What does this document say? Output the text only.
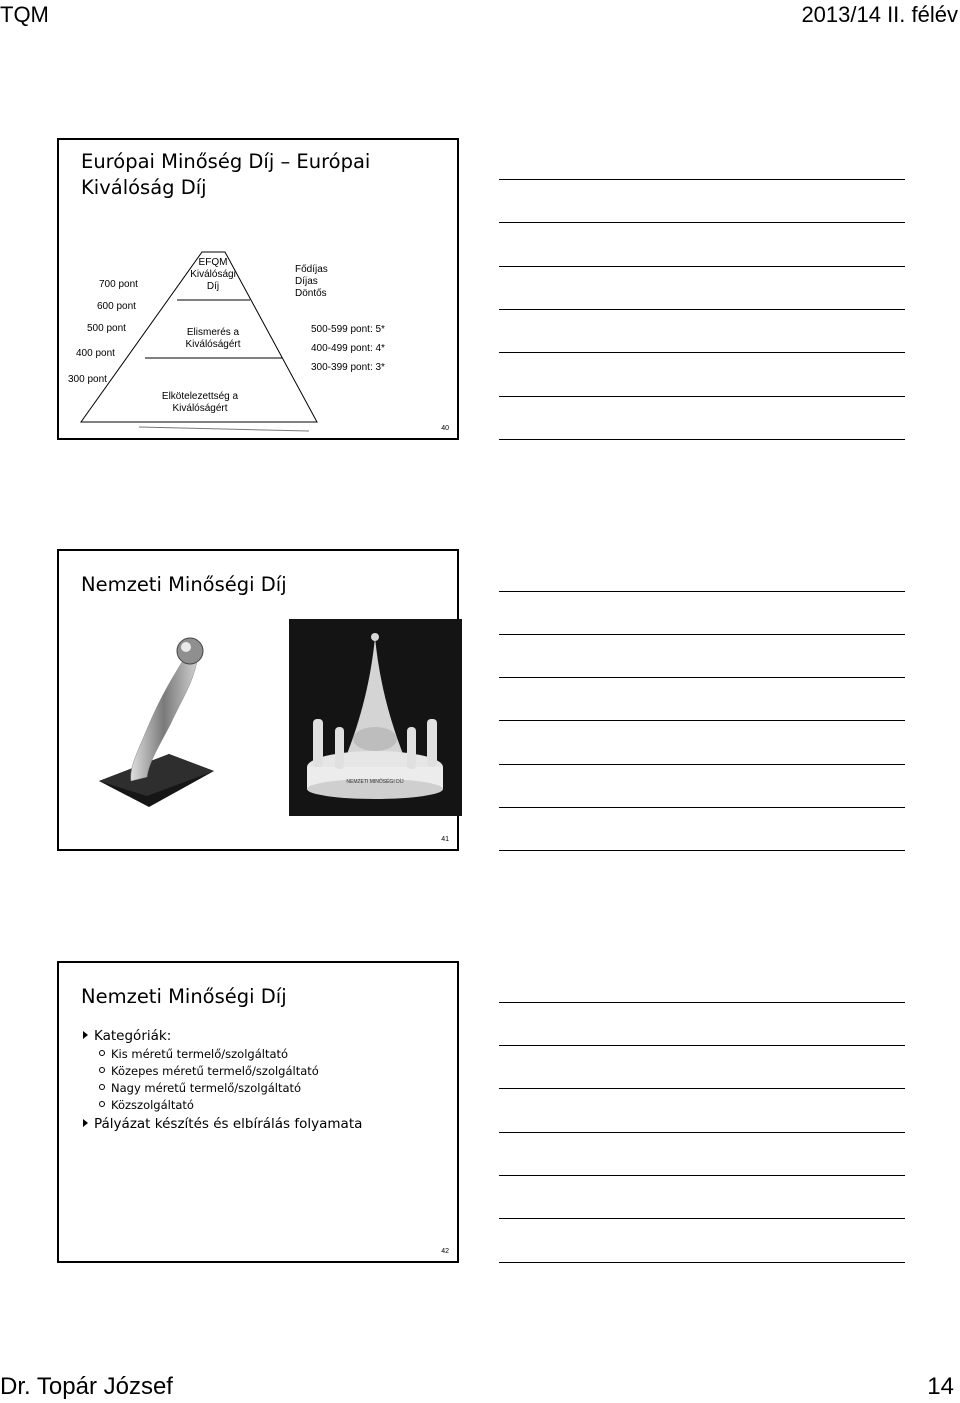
TQM	2013/14 II. félév
Európai Minőség Díj – Európai
Kiválóság Díj
700 pont
600 pont
500 pont
400 pont
300 pont
EFQM
Kiválósági
Díj
Elismerés a
Kiválóságért
Elkötelezettség a
Kiválóságért
Fődíjas
Díjas
Döntős
500-599 pont: 5*
400-499 pont: 4*
300-399 pont: 3*
40
Nemzeti Minőségi Díj
NEMZETI MINŐSÉGI DÍJ
41
Nemzeti Minőségi Díj
Kategóriák:
Kis méretű termelő/szolgáltató
Közepes méretű termelő/szolgáltató
Nagy méretű termelő/szolgáltató
Közszolgáltató
Pályázat készítés és elbírálás folyamata
42
Dr. Topár József	14
